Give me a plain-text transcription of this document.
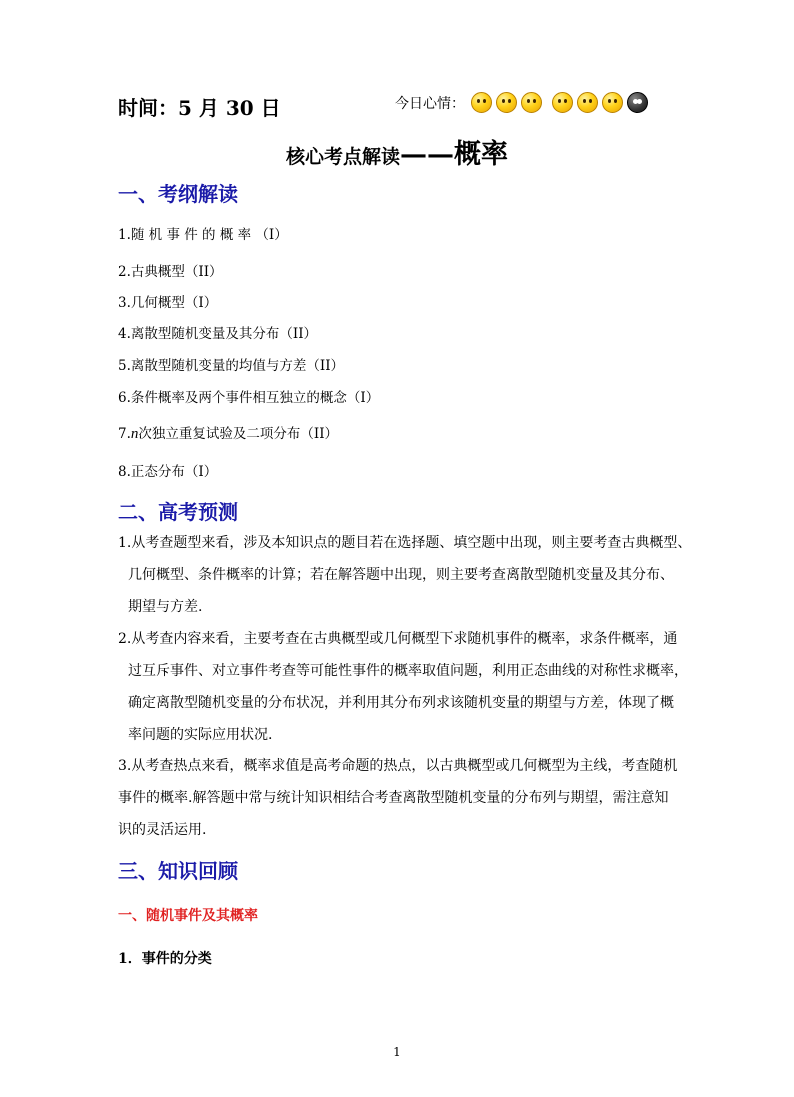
时间：5 月 30 日	今日心情：
核心考点解读——概率
一、考纲解读
1.随 机 事 件 的 概 率 （I）
2.古典概型（II）
3.几何概型（I）
4.离散型随机变量及其分布（II）
5.离散型随机变量的均值与方差（II）
6.条件概率及两个事件相互独立的概念（I）
7.n次独立重复试验及二项分布（II）
8.正态分布（I）
二、高考预测
1.从考查题型来看，涉及本知识点的题目若在选择题、填空题中出现，则主要考查古典概型、
几何概型、条件概率的计算；若在解答题中出现，则主要考查离散型随机变量及其分布、
期望与方差.
2.从考查内容来看，主要考查在古典概型或几何概型下求随机事件的概率，求条件概率，通
过互斥事件、对立事件考查等可能性事件的概率取值问题，利用正态曲线的对称性求概率，
确定离散型随机变量的分布状况，并利用其分布列求该随机变量的期望与方差，体现了概
率问题的实际应用状况.
3.从考查热点来看，概率求值是高考命题的热点，以古典概型或几何概型为主线，考查随机
事件的概率.解答题中常与统计知识相结合考查离散型随机变量的分布列与期望，需注意知
识的灵活运用.
三、知识回顾
一、随机事件及其概率
1．事件的分类
1
